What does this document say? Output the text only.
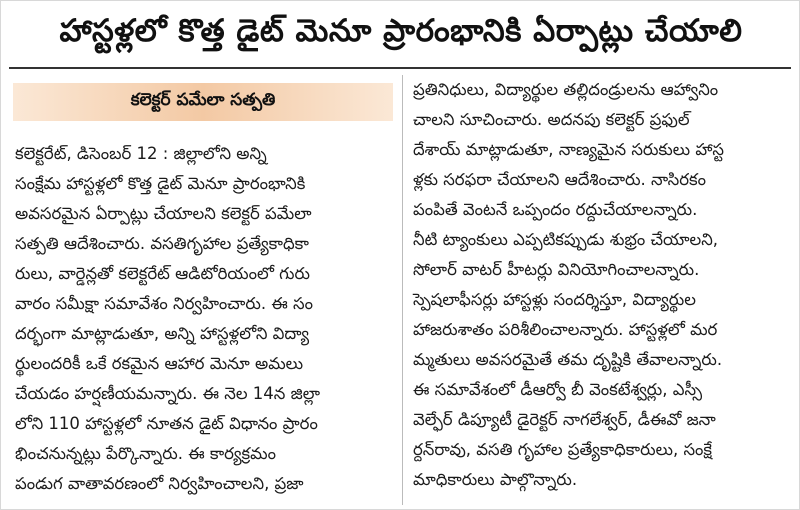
హాస్టళ్లలో కొత్త డైట్ మెనూ ప్రారంభానికి ఏర్పాట్లు చేయాలి
కలెక్టర్ పమేలా సత్పతి
కలెక్టరేట్, డిసెంబర్ 12 : జిల్లాలోని అన్ని
సంక్షేమ హాస్టళ్లలో కొత్త డైట్ మెనూ ప్రారంభానికి
అవసరమైన ఏర్పాట్లు చేయాలని కలెక్టర్ పమేలా
సత్పతి ఆదేశించారు. వసతిగృహాల ప్రత్యేకాధికా
రులు, వార్డెన్లతో కలెక్టరేట్ ఆడిటోరియంలో గురు
వారం సమీక్షా సమావేశం నిర్వహించారు. ఈ సం
దర్భంగా మాట్లాడుతూ, అన్ని హాస్టళ్లలోని విద్యా
ర్థులందరికీ ఒకే రకమైన ఆహార మెనూ అమలు
చేయడం హర్షణీయమన్నారు. ఈ నెల 14న జిల్లా
లోని 110 హాస్టళ్లలో నూతన డైట్ విధానం ప్రారం
భించనున్నట్లు పేర్కొన్నారు. ఈ కార్యక్రమం
పండుగ వాతావరణంలో నిర్వహించాలని, ప్రజా
ప్రతినిధులు, విద్యార్థుల తల్లిదండ్రులను ఆహ్వానిం
చాలని సూచించారు. అదనపు కలెక్టర్ ప్రఫుల్
దేశాయ్ మాట్లాడుతూ, నాణ్యమైన సరుకులు హాస్ట
ళ్లకు సరఫరా చేయాలని ఆదేశించారు. నాసిరకం
పంపితే వెంటనే ఒప్పందం రద్దుచేయాలన్నారు.
నీటి ట్యాంకులు ఎప్పటికప్పుడు శుభ్రం చేయాలని,
సోలార్ వాటర్ హీటర్లు వినియోగించాలన్నారు.
స్పెషలాఫీసర్లు హాస్టళ్లు సందర్శిస్తూ, విద్యార్థుల
హాజరుశాతం పరిశీలించాలన్నారు. హాస్టళ్లలో మర
మ్మతులు అవసరమైతే తమ దృష్టికి తేవాలన్నారు.
ఈ సమావేశంలో డీఆర్వో బీ వెంకటేశ్వర్లు, ఎస్సీ
వెల్ఫేర్ డిప్యూటీ డైరెక్టర్ నాగలేశ్వర్, డీఈవో జనా
ర్దన్‌రావు, వసతి గృహాల ప్రత్యేకాధికారులు, సంక్షే
మాధికారులు పాల్గొన్నారు.
